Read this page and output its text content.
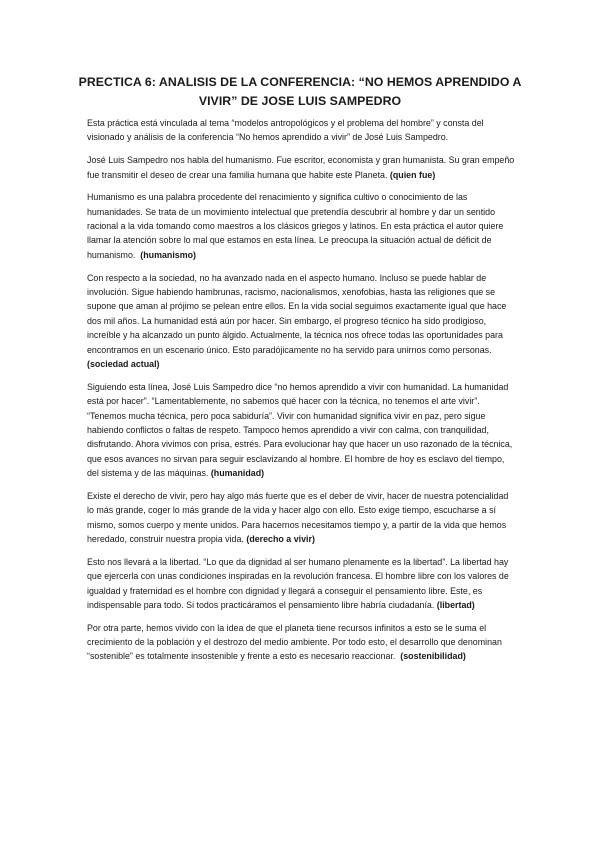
PRECTICA 6: ANALISIS DE LA CONFERENCIA: “NO HEMOS APRENDIDO A
VIVIR” DE JOSE LUIS SAMPEDRO

Esta práctica está vinculada al tema “modelos antropológicos y el problema del hombre” y consta del visionado y análisis de la conferencia “No hemos aprendido a vivir” de José Luis Sampedro.

José Luis Sampedro nos habla del humanismo. Fue escritor, economista y gran humanista. Su gran empeño fue transmitir el deseo de crear una familia humana que habite este Planeta. (quien fue)

Humanismo es una palabra procedente del renacimiento y significa cultivo o conocimiento de las humanidades. Se trata de un movimiento intelectual que pretendía descubrir al hombre y dar un sentido racional a la vida tomando como maestros a los clásicos griegos y latinos. En esta práctica el autor quiere llamar la atención sobre lo mal que estamos en esta línea. Le preocupa la situación actual de déficit de humanismo. (humanismo)

Con respecto a la sociedad, no ha avanzado nada en el aspecto humano. Incluso se puede hablar de involución. Sigue habiendo hambrunas, racismo, nacionalismos, xenofobias, hasta las religiones que se supone que aman al prójimo se pelean entre ellos. En la vida social seguimos exactamente igual que hace dos mil años. La humanidad está aún por hacer. Sin embargo, el progreso técnico ha sido prodigioso, increíble y ha alcanzado un punto álgido. Actualmente, la técnica nos ofrece todas las oportunidades para encontramos en un escenario único. Esto paradójicamente no ha servido para unirnos como personas. (sociedad actual)

Siguiendo esta línea, José Luis Sampedro dice “no hemos aprendido a vivir con humanidad. La humanidad está por hacer”. “Lamentablemente, no sabemos qué hacer con la técnica, no tenemos el arte vivir”. “Tenemos mucha técnica, pero poca sabiduría”. Vivir con humanidad significa vivir en paz, pero sigue habiendo conflictos o faltas de respeto. Tampoco hemos aprendido a vivir con calma, con tranquilidad, disfrutando. Ahora vivimos con prisa, estrés. Para evolucionar hay que hacer un uso razonado de la técnica, que esos avances no sirvan para seguir esclavizando al hombre. El hombre de hoy es esclavo del tiempo, del sistema y de las máquinas. (humanidad)

Existe el derecho de vivir, pero hay algo más fuerte que es el deber de vivir, hacer de nuestra potencialidad lo más grande, coger lo más grande de la vida y hacer algo con ello. Esto exige tiempo, escucharse a sí mismo, somos cuerpo y mente unidos. Para hacernos necesitamos tiempo y, a partir de la vida que hemos heredado, construir nuestra propia vida. (derecho a vivir)

Esto nos llevará a la libertad. “Lo que da dignidad al ser humano plenamente es la libertad”. La libertad hay que ejercerla con unas condiciones inspiradas en la revolución francesa. El hombre libre con los valores de igualdad y fraternidad es el hombre con dignidad y llegará a conseguir el pensamiento libre. Este, es indispensable para todo. Si todos practicáramos el pensamiento libre habría ciudadanía. (libertad)

Por otra parte, hemos vivido con la idea de que el planeta tiene recursos infinitos a esto se le suma el crecimiento de la población y el destrozo del medio ambiente. Por todo esto, el desarrollo que denominan “sostenible” es totalmente insostenible y frente a esto es necesario reaccionar. (sostenibilidad)
